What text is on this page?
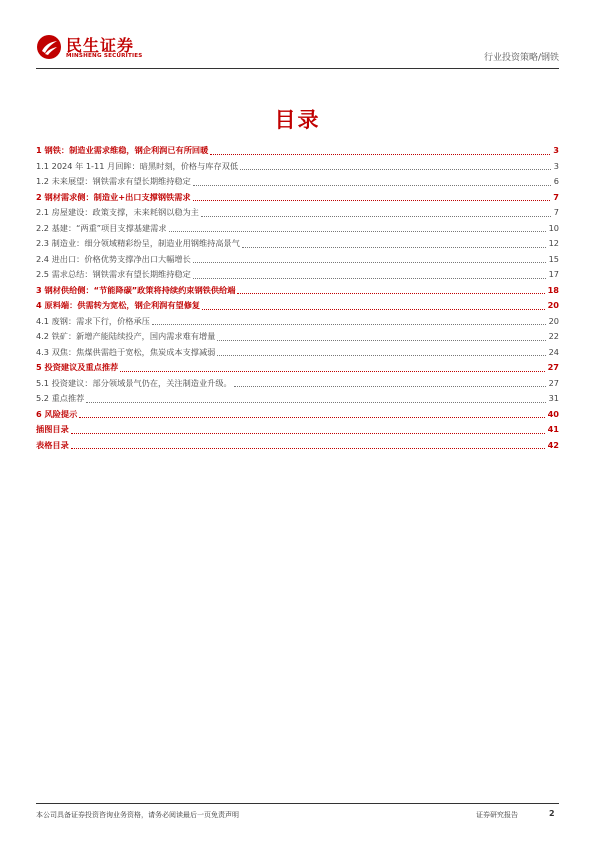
民生证券
MINSHENG SECURITIES	行业投资策略/钢铁
目录
1 钢铁：制造业需求维稳，钢企利润已有所回暖	3
1.1 2024 年 1-11 月回眸：暗黑时刻，价格与库存双低	3
1.2 未来展望：钢铁需求有望长期维持稳定	6
2 钢材需求侧：制造业+出口支撑钢铁需求	7
2.1 房屋建设：政策支撑，未来耗钢以稳为主	7
2.2 基建：“两重”项目支撑基建需求	10
2.3 制造业：细分领域精彩纷呈，制造业用钢维持高景气	12
2.4 进出口：价格优势支撑净出口大幅增长	15
2.5 需求总结：钢铁需求有望长期维持稳定	17
3 钢材供给侧：“节能降碳”政策将持续约束钢铁供给端	18
4 原料端：供需转为宽松，钢企利润有望修复	20
4.1 废钢：需求下行，价格承压	20
4.2 铁矿：新增产能陆续投产，国内需求难有增量	22
4.3 双焦：焦煤供需趋于宽松，焦炭成本支撑减弱	24
5 投资建议及重点推荐	27
5.1 投资建议：部分领域景气仍在，关注制造业升级。	27
5.2 重点推荐	31
6 风险提示	40
插图目录	41
表格目录	42
本公司具备证券投资咨询业务资格，请务必阅读最后一页免责声明	证券研究报告	2
